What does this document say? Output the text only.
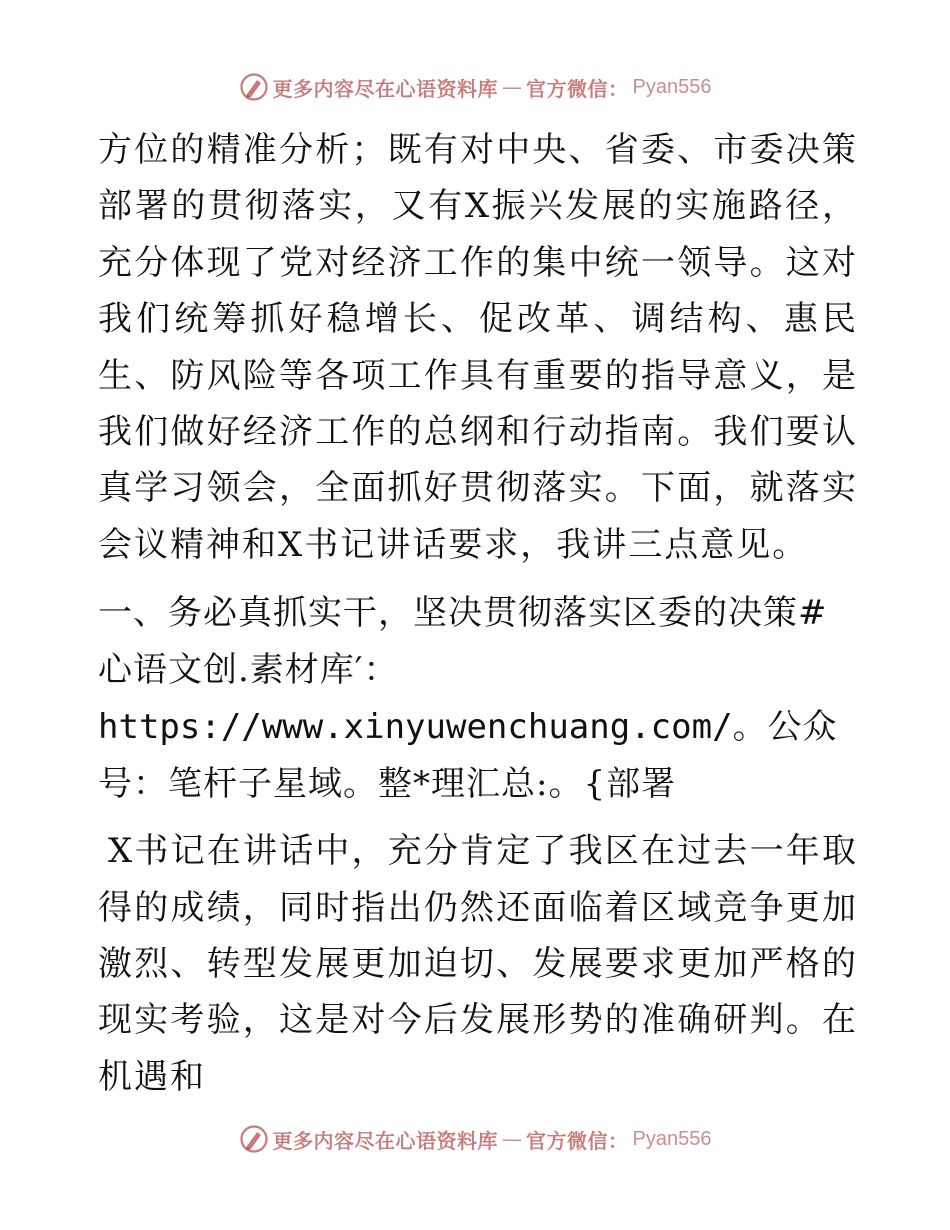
更多内容尽在心语资料库 — 官方微信： Pyan556

方位的精准分析；既有对中央、省委、市委决策部署的贯彻落实，又有X振兴发展的实施路径，充分体现了党对经济工作的集中统一领导。这对我们统筹抓好稳增长、促改革、调结构、惠民生、防风险等各项工作具有重要的指导意义，是我们做好经济工作的总纲和行动指南。我们要认真学习领会，全面抓好贯彻落实。下面，就落实会议精神和X书记讲话要求，我讲三点意见。

一、务必真抓实干，坚决贯彻落实区委的决策#心语文创.素材库′：
https://www.xinyuwenchuang.com/。公众号：笔杆子星域。整*理汇总:。{部署

X书记在讲话中，充分肯定了我区在过去一年取得的成绩，同时指出仍然还面临着区域竞争更加激烈、转型发展更加迫切、发展要求更加严格的现实考验，这是对今后发展形势的准确研判。在机遇和

更多内容尽在心语资料库 — 官方微信： Pyan556
